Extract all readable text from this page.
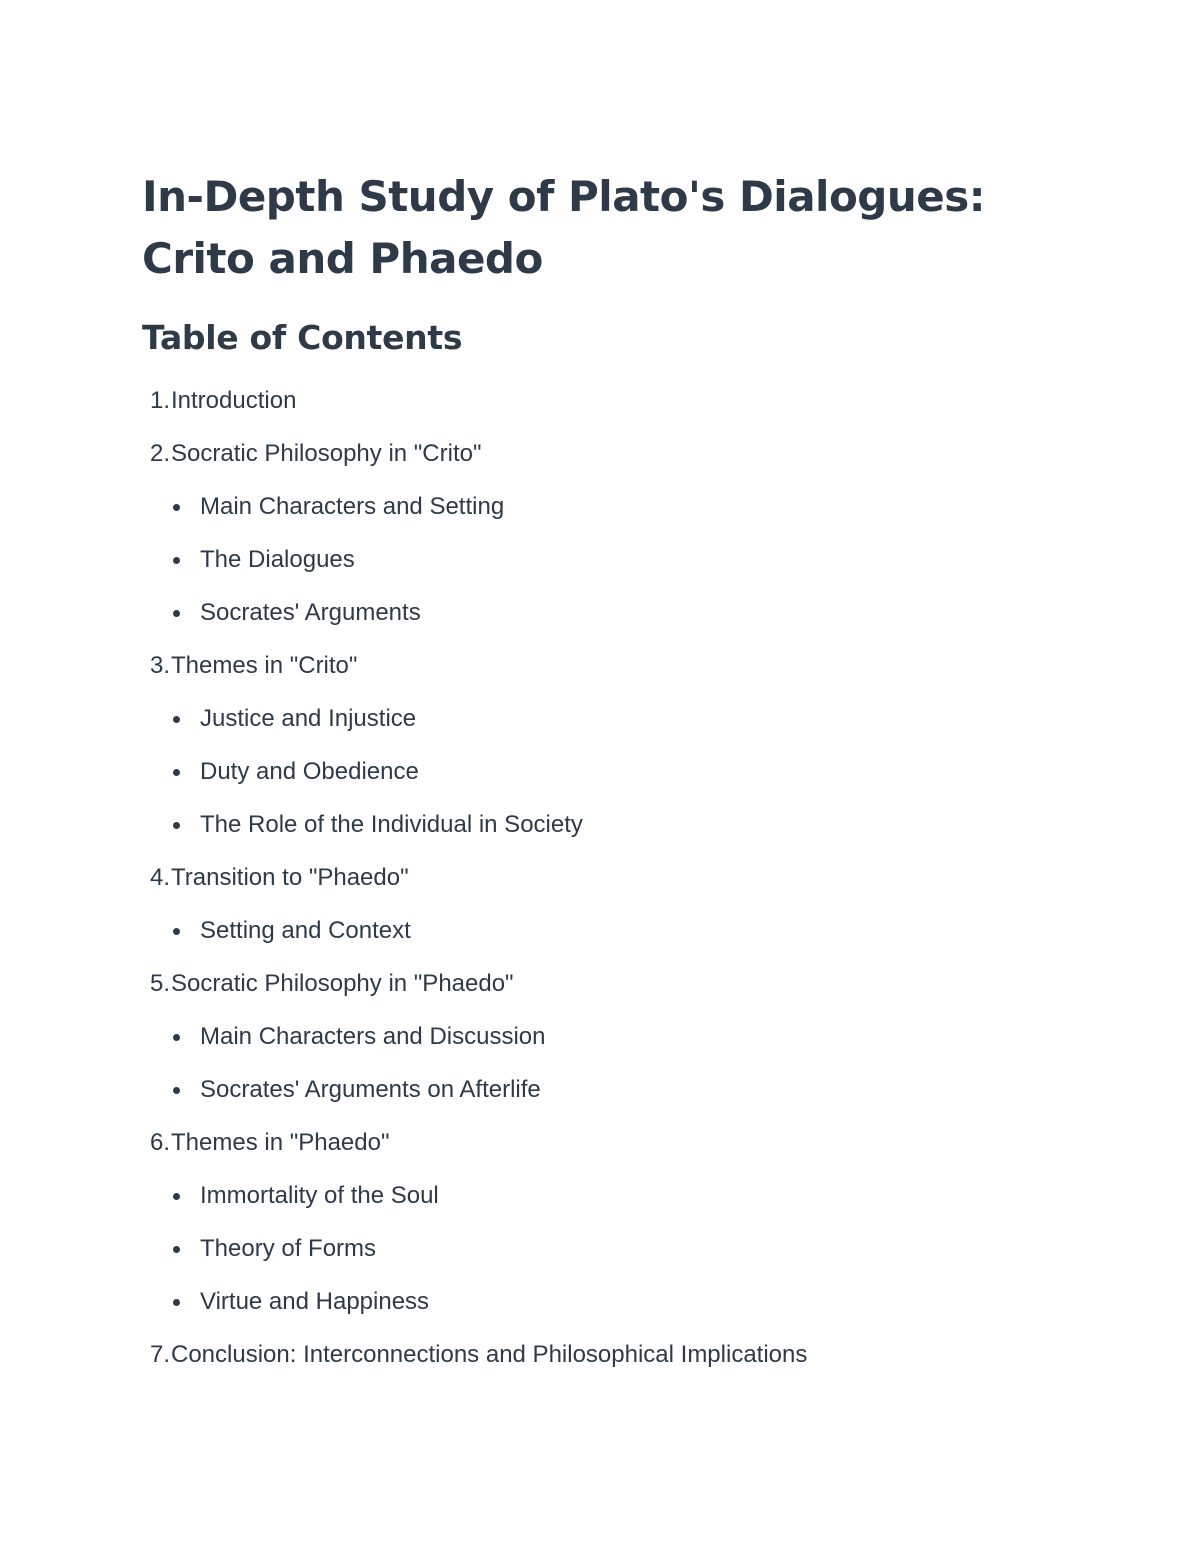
In-Depth Study of Plato's Dialogues:
Crito and Phaedo
Table of Contents
1. Introduction
2. Socratic Philosophy in "Crito"
Main Characters and Setting
The Dialogues
Socrates' Arguments
3. Themes in "Crito"
Justice and Injustice
Duty and Obedience
The Role of the Individual in Society
4. Transition to "Phaedo"
Setting and Context
5. Socratic Philosophy in "Phaedo"
Main Characters and Discussion
Socrates' Arguments on Afterlife
6. Themes in "Phaedo"
Immortality of the Soul
Theory of Forms
Virtue and Happiness
7. Conclusion: Interconnections and Philosophical Implications
